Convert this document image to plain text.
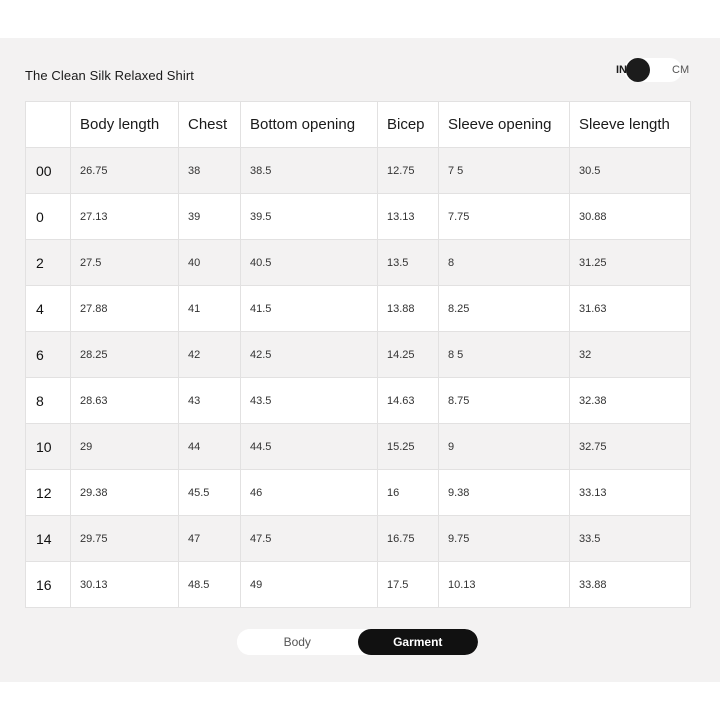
The Clean Silk Relaxed Shirt	IN	CM
	Body length	Chest	Bottom opening	Bicep	Sleeve opening	Sleeve length
00	26.75	38	38.5	12.75	7 5	30.5
0	27.13	39	39.5	13.13	7.75	30.88
2	27.5	40	40.5	13.5	8	31.25
4	27.88	41	41.5	13.88	8.25	31.63
6	28.25	42	42.5	14.25	8 5	32
8	28.63	43	43.5	14.63	8.75	32.38
10	29	44	44.5	15.25	9	32.75
12	29.38	45.5	46	16	9.38	33.13
14	29.75	47	47.5	16.75	9.75	33.5
16	30.13	48.5	49	17.5	10.13	33.88
Body	Garment
